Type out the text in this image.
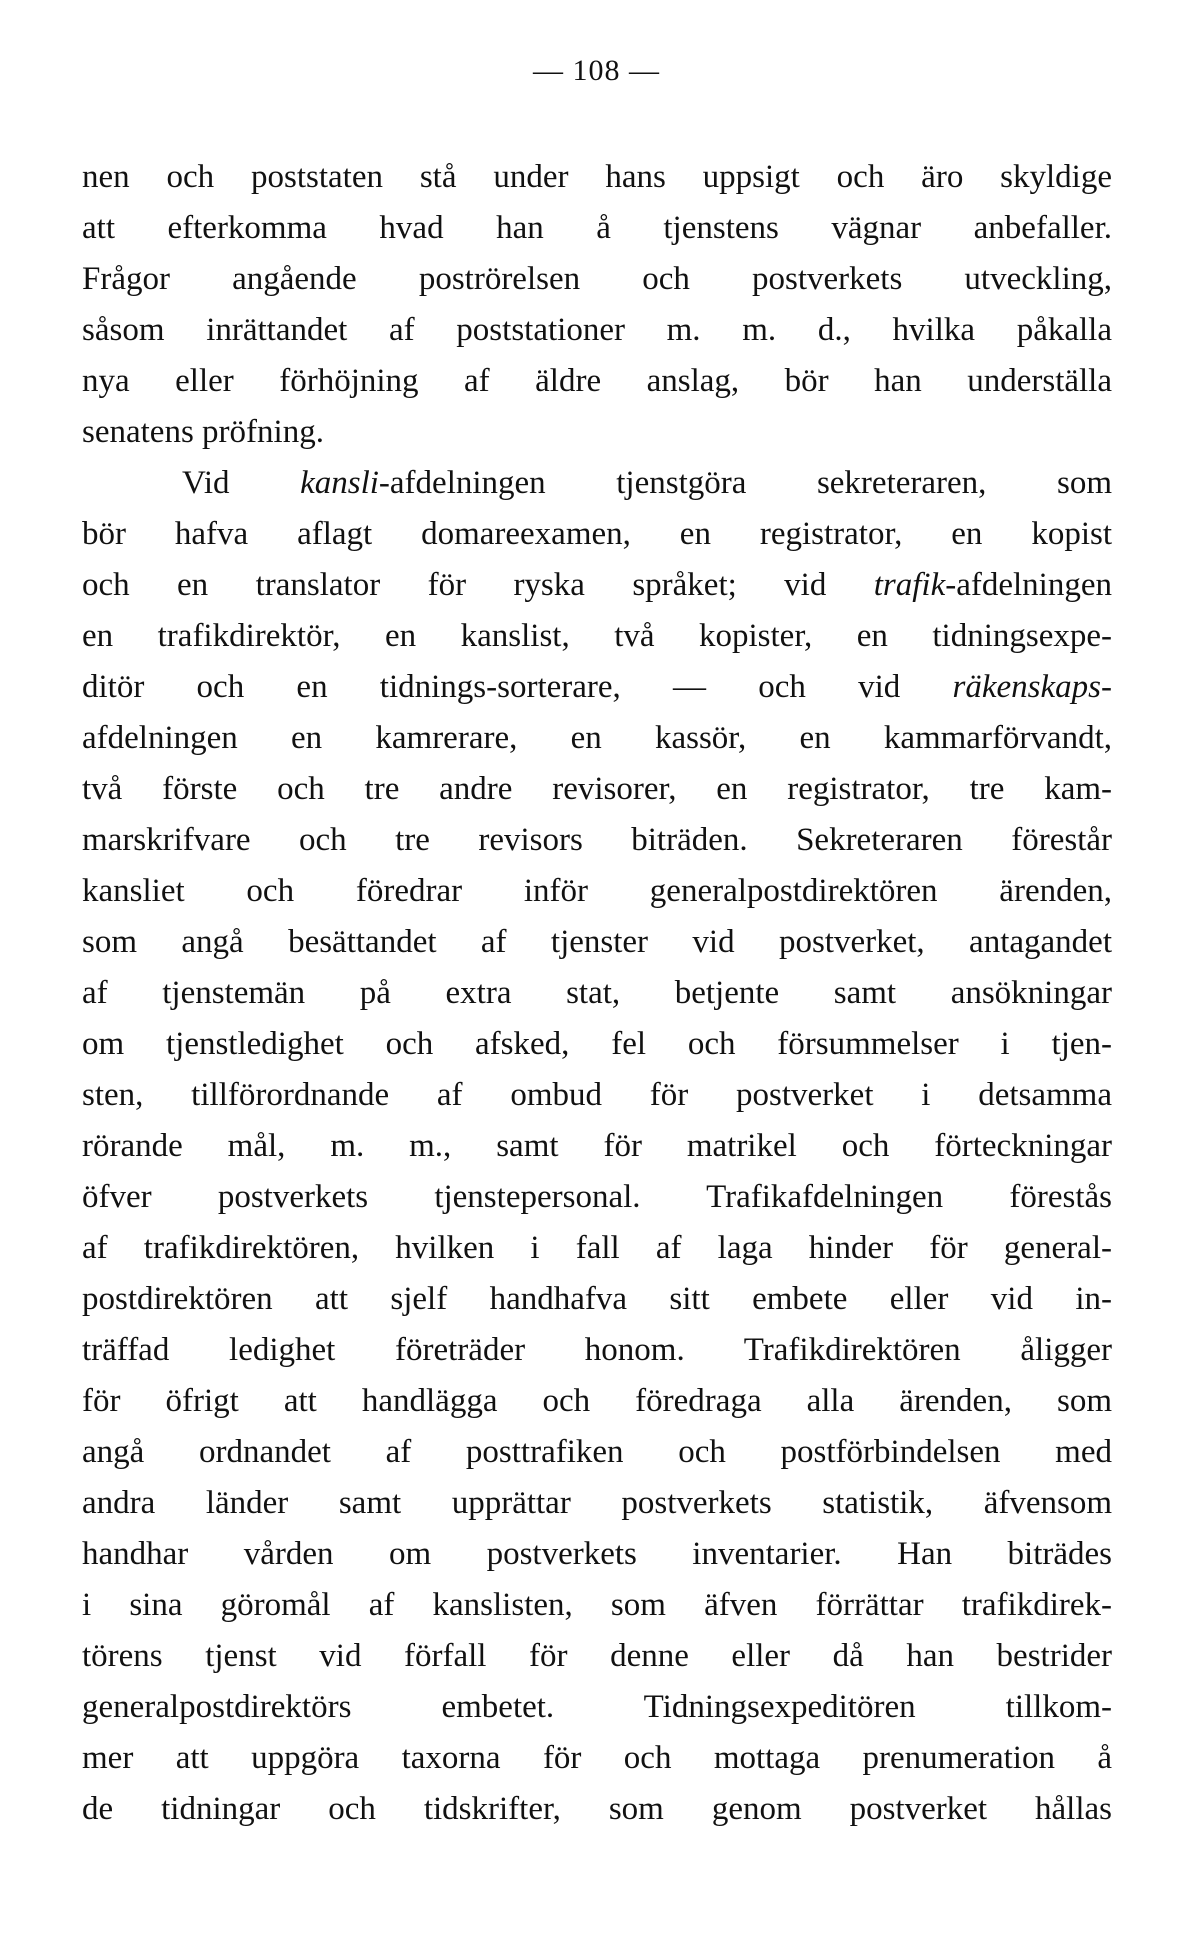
— 108 —
nen och poststaten stå under hans uppsigt och äro skyldige
att efterkomma hvad han å tjenstens vägnar anbefaller.
Frågor angående poströrelsen och postverkets utveckling,
såsom inrättandet af poststationer m. m. d., hvilka påkalla
nya eller förhöjning af äldre anslag, bör han underställa
senatens pröfning.
Vid kansli-afdelningen tjenstgöra sekreteraren, som
bör hafva aflagt domareexamen, en registrator, en kopist
och en translator för ryska språket; vid trafik-afdelningen
en trafikdirektör, en kanslist, två kopister, en tidningsexpe-
ditör och en tidnings-sorterare, — och vid räkenskaps-
afdelningen en kamrerare, en kassör, en kammarförvandt,
två förste och tre andre revisorer, en registrator, tre kam-
marskrifvare och tre revisors biträden. Sekreteraren förestår
kansliet och föredrar inför generalpostdirektören ärenden,
som angå besättandet af tjenster vid postverket, antagandet
af tjenstemän på extra stat, betjente samt ansökningar
om tjenstledighet och afsked, fel och försummelser i tjen-
sten, tillförordnande af ombud för postverket i detsamma
rörande mål, m. m., samt för matrikel och förteckningar
öfver postverkets tjenstepersonal. Trafikafdelningen förestås
af trafikdirektören, hvilken i fall af laga hinder för general-
postdirektören att sjelf handhafva sitt embete eller vid in-
träffad ledighet företräder honom. Trafikdirektören åligger
för öfrigt att handlägga och föredraga alla ärenden, som
angå ordnandet af posttrafiken och postförbindelsen med
andra länder samt upprättar postverkets statistik, äfvensom
handhar vården om postverkets inventarier. Han biträdes
i sina göromål af kanslisten, som äfven förrättar trafikdirek-
törens tjenst vid förfall för denne eller då han bestrider
generalpostdirektörs embetet. Tidningsexpeditören tillkom-
mer att uppgöra taxorna för och mottaga prenumeration å
de tidningar och tidskrifter, som genom postverket hållas
